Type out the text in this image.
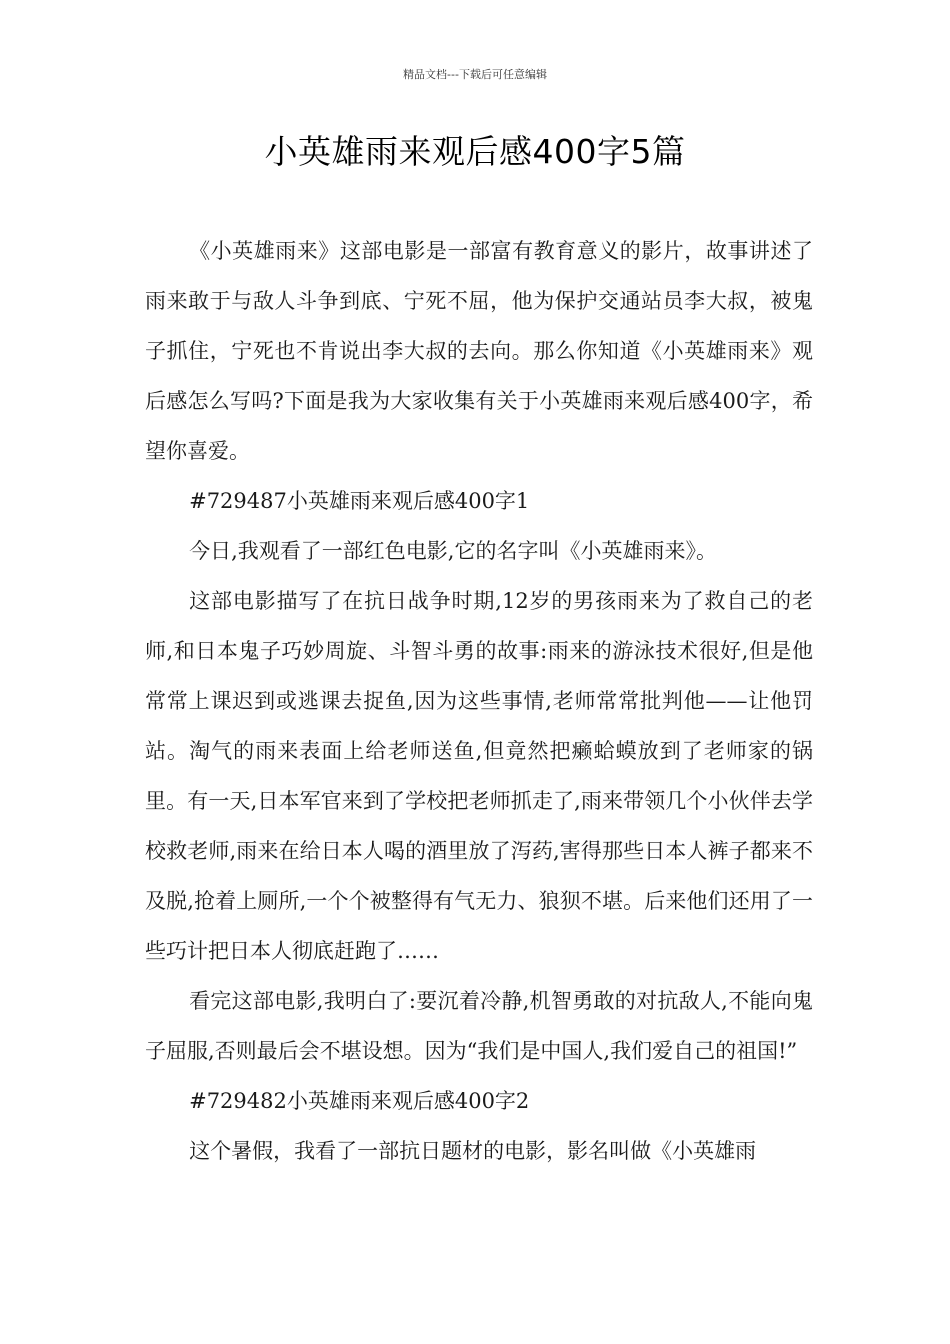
精品文档---下载后可任意编辑
小英雄雨来观后感400字5篇

《小英雄雨来》这部电影是一部富有教育意义的影片，故事讲述了雨来敢于与敌人斗争到底、宁死不屈，他为保护交通站员李大叔，被鬼子抓住，宁死也不肯说出李大叔的去向。那么你知道《小英雄雨来》观后感怎么写吗?下面是我为大家收集有关于小英雄雨来观后感400字，希望你喜爱。

#729487小英雄雨来观后感400字1

今日,我观看了一部红色电影,它的名字叫《小英雄雨来》。

这部电影描写了在抗日战争时期,12岁的男孩雨来为了救自己的老师,和日本鬼子巧妙周旋、斗智斗勇的故事:雨来的游泳技术很好,但是他常常上课迟到或逃课去捉鱼,因为这些事情,老师常常批判他——让他罚站。淘气的雨来表面上给老师送鱼,但竟然把癞蛤蟆放到了老师家的锅里。有一天,日本军官来到了学校把老师抓走了,雨来带领几个小伙伴去学校救老师,雨来在给日本人喝的酒里放了泻药,害得那些日本人裤子都来不及脱,抢着上厕所,一个个被整得有气无力、狼狈不堪。后来他们还用了一些巧计把日本人彻底赶跑了……

看完这部电影,我明白了:要沉着冷静,机智勇敢的对抗敌人,不能向鬼子屈服,否则最后会不堪设想。因为“我们是中国人,我们爱自己的祖国!”

#729482小英雄雨来观后感400字2

这个暑假，我看了一部抗日题材的电影，影名叫做《小英雄雨
